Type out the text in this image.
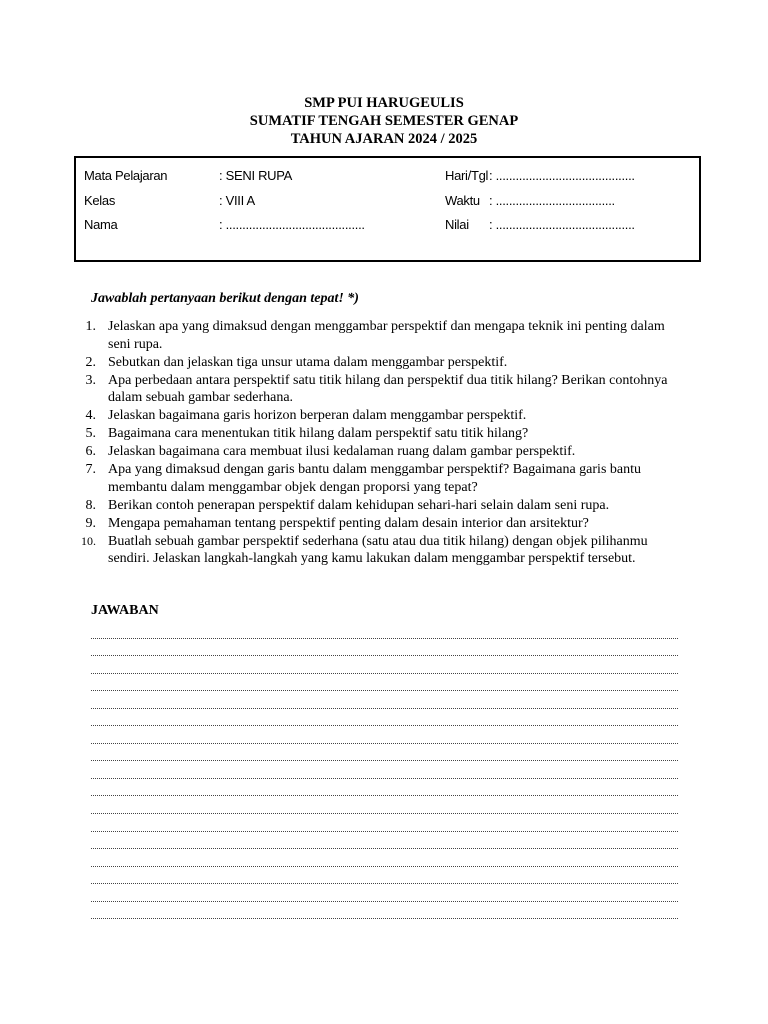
SMP PUI HARUGEULIS
SUMATIF TENGAH SEMESTER GENAP
TAHUN AJARAN 2024 / 2025
Mata Pelajaran	: SENI RUPA	Hari/Tgl : ..........................................
Kelas	: VIII A	Waktu : ....................................
Nama	: ..........................................	Nilai : ..........................................
Jawablah pertanyaan berikut dengan tepat! *)
1. Jelaskan apa yang dimaksud dengan menggambar perspektif dan mengapa teknik ini penting dalam seni rupa.
2. Sebutkan dan jelaskan tiga unsur utama dalam menggambar perspektif.
3. Apa perbedaan antara perspektif satu titik hilang dan perspektif dua titik hilang? Berikan contohnya dalam sebuah gambar sederhana.
4. Jelaskan bagaimana garis horizon berperan dalam menggambar perspektif.
5. Bagaimana cara menentukan titik hilang dalam perspektif satu titik hilang?
6. Jelaskan bagaimana cara membuat ilusi kedalaman ruang dalam gambar perspektif.
7. Apa yang dimaksud dengan garis bantu dalam menggambar perspektif? Bagaimana garis bantu membantu dalam menggambar objek dengan proporsi yang tepat?
8. Berikan contoh penerapan perspektif dalam kehidupan sehari-hari selain dalam seni rupa.
9. Mengapa pemahaman tentang perspektif penting dalam desain interior dan arsitektur?
10. Buatlah sebuah gambar perspektif sederhana (satu atau dua titik hilang) dengan objek pilihanmu sendiri. Jelaskan langkah-langkah yang kamu lakukan dalam menggambar perspektif tersebut.
JAWABAN
